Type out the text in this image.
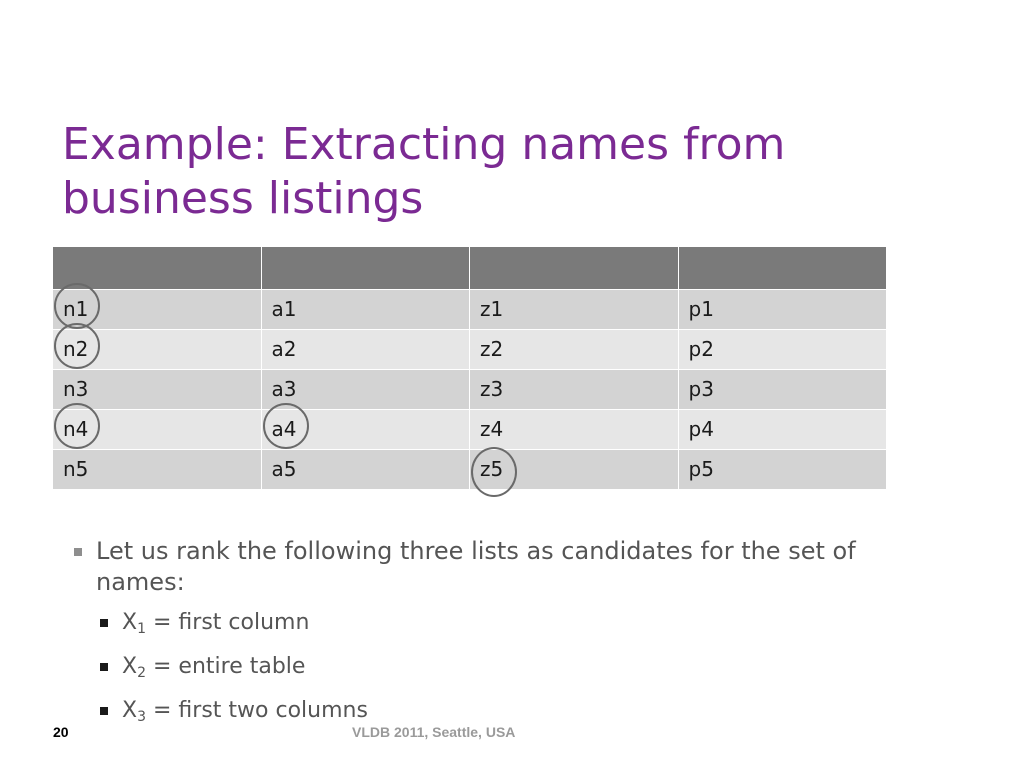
Example: Extracting names from
business listings

n1	a1	z1	p1

n2	a2	z2	p2
n3	a3	z3	p3

n4	a4	z4	p4
n5	a5	z5	p5
Let us rank the following three lists as candidates for the set of names:
$X_1$ = first column
$X_2$ = entire table
$X_3$ = first two columns
20	VLDB 2011, Seattle, USA
